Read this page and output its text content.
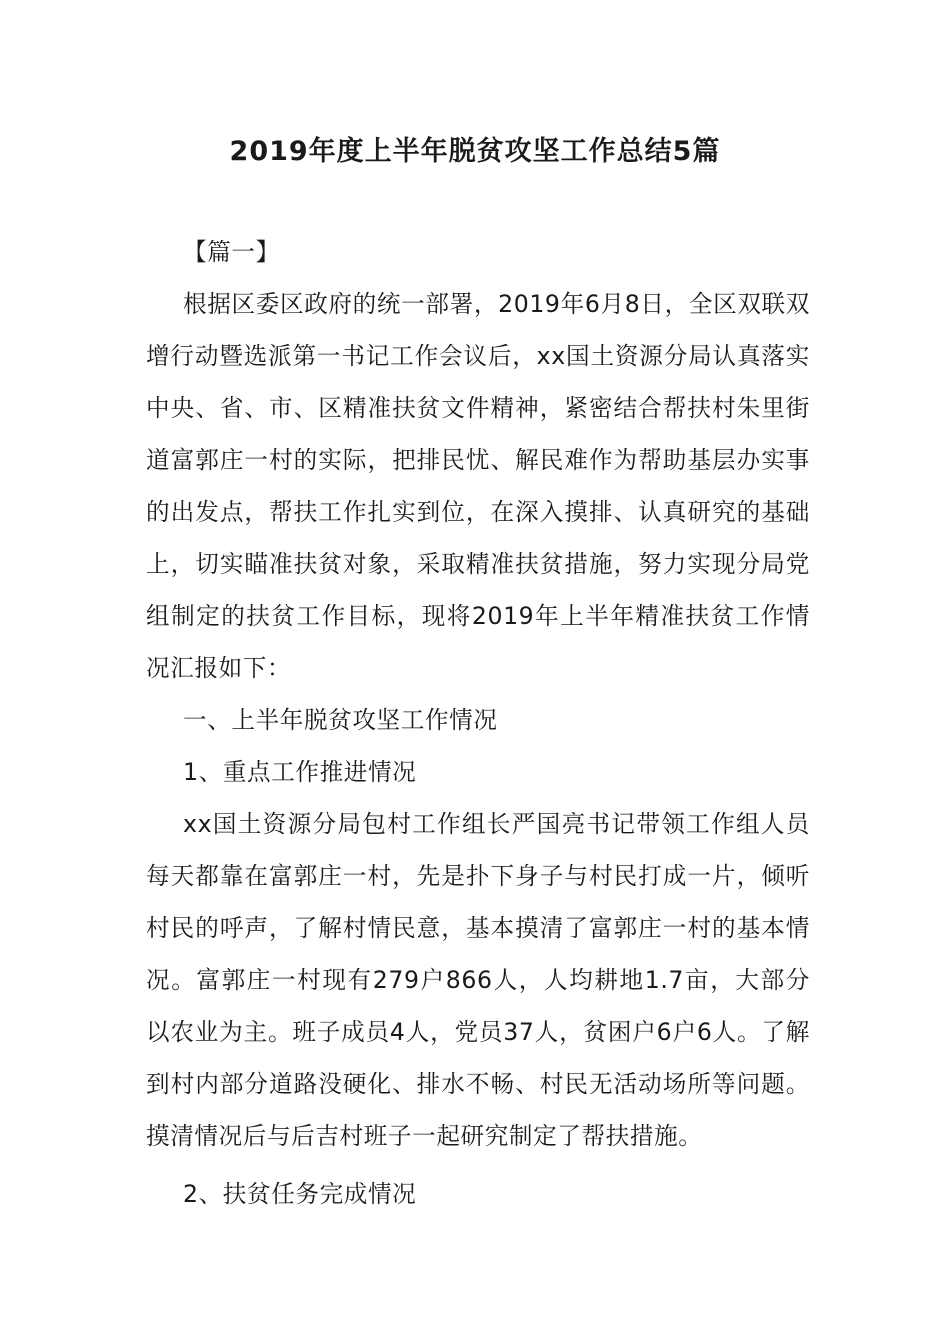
2019年度上半年脱贫攻坚工作总结5篇

【篇一】

根据区委区政府的统一部署，2019年6月8日，全区双联双增行动暨选派第一书记工作会议后，xx国土资源分局认真落实中央、省、市、区精准扶贫文件精神，紧密结合帮扶村朱里街道富郭庄一村的实际，把排民忧、解民难作为帮助基层办实事的出发点，帮扶工作扎实到位，在深入摸排、认真研究的基础上，切实瞄准扶贫对象，采取精准扶贫措施，努力实现分局党组制定的扶贫工作目标，现将2019年上半年精准扶贫工作情况汇报如下：

一、上半年脱贫攻坚工作情况

1、重点工作推进情况

xx国土资源分局包村工作组长严国亮书记带领工作组人员每天都靠在富郭庄一村，先是扑下身子与村民打成一片，倾听村民的呼声，了解村情民意，基本摸清了富郭庄一村的基本情况。富郭庄一村现有279户866人，人均耕地1.7亩，大部分以农业为主。班子成员4人，党员37人，贫困户6户6人。了解到村内部分道路没硬化、排水不畅、村民无活动场所等问题。摸清情况后与后吉村班子一起研究制定了帮扶措施。

2、扶贫任务完成情况
